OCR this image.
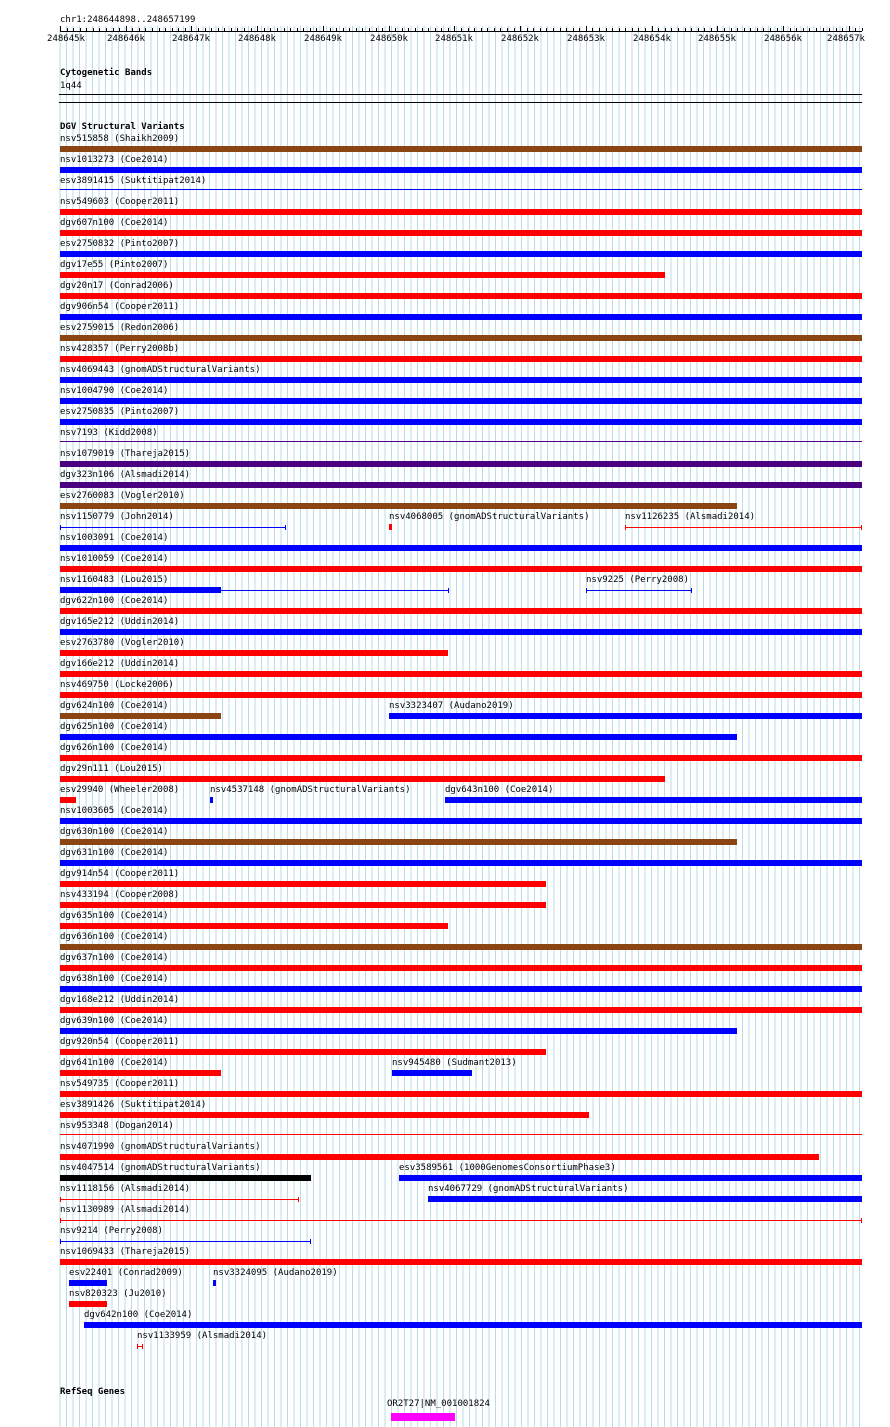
chr1:248644898..248657199
248645k 248646k	248647k	248648k	248649k	248650k	248651k	248652k	248653k	248654k	248655k	248656k	248657k
Cytogenetic Bands
1q44
DGV Structural Variants
nsv515858 (Shaikh2009)
nsv1013273 (Coe2014)
esv3891415 (Suktitipat2014)
nsv549603 (Cooper2011)
dgv607n100 (Coe2014)
esv2750832 (Pinto2007)
dgv17e55 (Pinto2007)
dgv20n17 (Conrad2006)
dgv906n54 (Cooper2011)
esv2759015 (Redon2006)
nsv428357 (Perry2008b)
nsv4069443 (gnomADStructuralVariants)
nsv1004790 (Coe2014)
esv2750835 (Pinto2007)
nsv7193 (Kidd2008)
nsv1079019 (Thareja2015)
dgv323n106 (Alsmadi2014)
esv2760083 (Vogler2010)
nsv1150779 (John2014)	nsv4068005 (gnomADStructuralVariants)	nsv1126235 (Alsmadi2014)
nsv1003091 (Coe2014)
nsv1010059 (Coe2014)
nsv1160483 (Lou2015)	nsv9225 (Perry2008)
dgv622n100 (Coe2014)
dgv165e212 (Uddin2014)
esv2763780 (Vogler2010)
dgv166e212 (Uddin2014)
nsv469750 (Locke2006)
dgv624n100 (Coe2014)	nsv3323407 (Audano2019)
dgv625n100 (Coe2014)
dgv626n100 (Coe2014)
dgv29n111 (Lou2015)
esv29940 (Wheeler2008)	nsv4537148 (gnomADStructuralVariants)	dgv643n100 (Coe2014)
nsv1003605 (Coe2014)
dgv630n100 (Coe2014)
dgv631n100 (Coe2014)
dgv914n54 (Cooper2011)
nsv433194 (Cooper2008)
dgv635n100 (Coe2014)
dgv636n100 (Coe2014)
dgv637n100 (Coe2014)
dgv638n100 (Coe2014)
dgv168e212 (Uddin2014)
dgv639n100 (Coe2014)
dgv920n54 (Cooper2011)
dgv641n100 (Coe2014)	nsv945480 (Sudmant2013)
nsv549735 (Cooper2011)
esv3891426 (Suktitipat2014)
nsv953348 (Dogan2014)
nsv4071990 (gnomADStructuralVariants)
nsv4047514 (gnomADStructuralVariants)	esv3589561 (1000GenomesConsortiumPhase3)
nsv1118156 (Alsmadi2014)	nsv4067729 (gnomADStructuralVariants)
nsv1130989 (Alsmadi2014)
nsv9214 (Perry2008)
nsv1069433 (Thareja2015)
esv22401 (Conrad2009)	nsv3324095 (Audano2019)
nsv820323 (Ju2010)
dgv642n100 (Coe2014)
nsv1133959 (Alsmadi2014)
RefSeq Genes
OR2T27|NM_001001824
